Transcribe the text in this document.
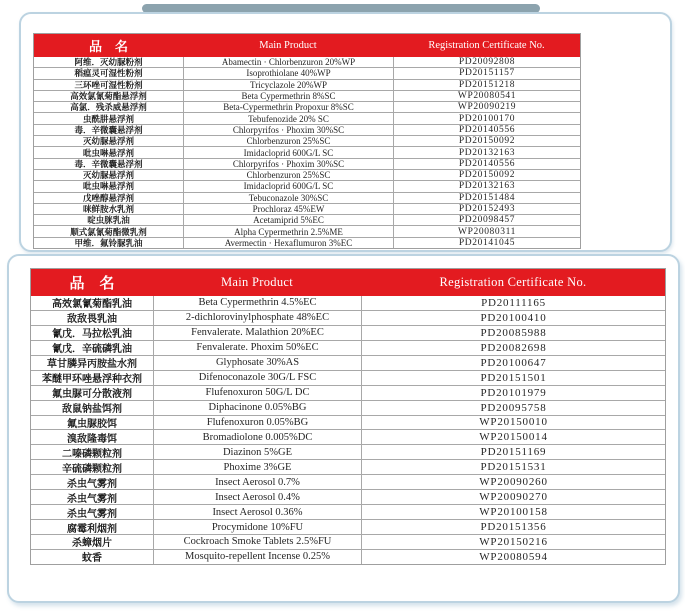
品　名	Main Product	Registration Certificate No.
阿维．灭幼脲粉剂	Abamectin · Chlorbenzuron 20%WP	PD20092808
稻瘟灵可湿性粉剂	Isoprothiolane 40%WP	PD20151157
三环唑可湿性粉剂	Tricyclazole 20%WP	PD20151218
高效氯氰菊酯悬浮剂	Beta Cypermethrin 8%SC	WP20080541
高氯．残杀威悬浮剂	Beta-Cypermethrin Propoxur 8%SC	WP20090219
虫酰肼悬浮剂	Tebufenozide 20% SC	PD20100170
毒．辛微囊悬浮剂	Chlorpyrifos · Phoxim 30%SC	PD20140556
灭幼脲悬浮剂	Chlorbenzuron 25%SC	PD20150092
吡虫啉悬浮剂	Imidacloprid 600G/L SC	PD20132163
毒．辛微囊悬浮剂	Chlorpyrifos · Phoxim 30%SC	PD20140556
灭幼脲悬浮剂	Chlorbenzuron 25%SC	PD20150092
吡虫啉悬浮剂	Imidacloprid 600G/L SC	PD20132163
戊唑醇悬浮剂	Tebuconazole 30%SC	PD20151484
咪鲜胺水乳剂	Prochloraz 45%EW	PD20152493
啶虫脒乳油	Acetamiprid 5%EC	PD20098457
顺式氯氰菊酯微乳剂	Alpha Cypermethrin 2.5%ME	WP20080311
甲维．氟铃脲乳油	Avermectin · Hexaflumuron 3%EC	PD20141045
品　名	Main Product	Registration Certificate No.
高效氯氰菊酯乳油	Beta Cypermethrin 4.5%EC	PD20111165
敌敌畏乳油	2-dichlorovinylphosphate 48%EC	PD20100410
氰戊．马拉松乳油	Fenvalerate. Malathion 20%EC	PD20085988
氰戊．辛硫磷乳油	Fenvalerate. Phoxim 50%EC	PD20082698
草甘膦异丙胺盐水剂	Glyphosate 30%AS	PD20100647
苯醚甲环唑悬浮种衣剂	Difenoconazole 30G/L FSC	PD20151501
氟虫脲可分散液剂	Flufenoxuron 50G/L DC	PD20101979
敌鼠钠盐饵剂	Diphacinone 0.05%BG	PD20095758
氟虫脲胶饵	Flufenoxuron 0.05%BG	WP20150010
溴敌隆毒饵	Bromadiolone 0.005%DC	WP20150014
二嗪磷颗粒剂	Diazinon 5%GE	PD20151169
辛硫磷颗粒剂	Phoxime 3%GE	PD20151531
杀虫气雾剂	Insect Aerosol 0.7%	WP20090260
杀虫气雾剂	Insect Aerosol 0.4%	WP20090270
杀虫气雾剂	Insect Aerosol 0.36%	WP20100158
腐霉利烟剂	Procymidone 10%FU	PD20151356
杀蟑烟片	Cockroach Smoke Tablets 2.5%FU	WP20150216
蚊香	Mosquito-repellent Incense 0.25%	WP20080594
